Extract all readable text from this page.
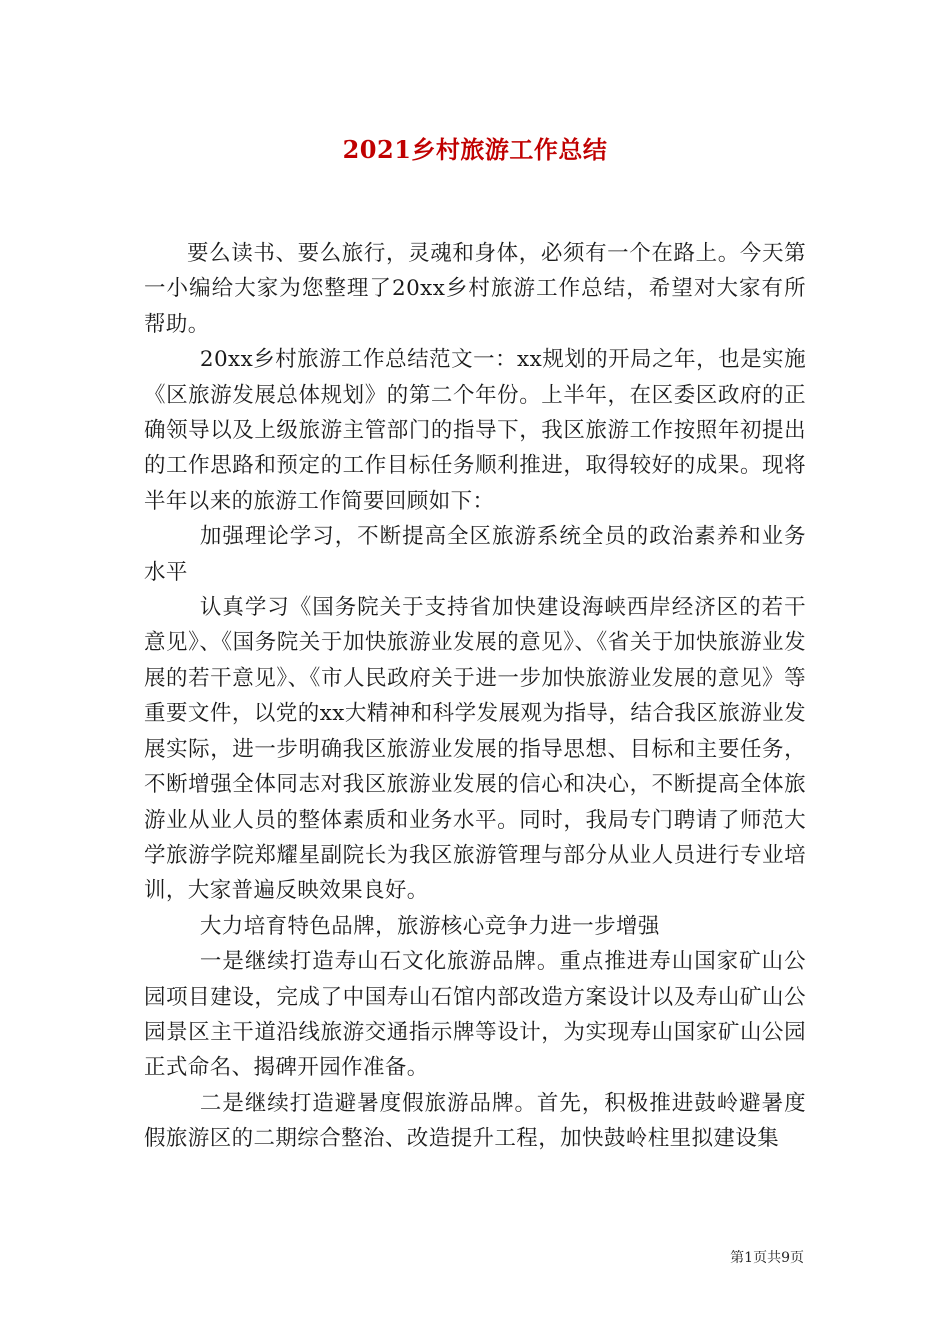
2021乡村旅游工作总结

要么读书、要么旅行，灵魂和身体，必须有一个在路上。今天第一小编给大家为您整理了20xx乡村旅游工作总结，希望对大家有所帮助。

20xx乡村旅游工作总结范文一：xx规划的开局之年，也是实施《区旅游发展总体规划》的第二个年份。上半年，在区委区政府的正确领导以及上级旅游主管部门的指导下，我区旅游工作按照年初提出的工作思路和预定的工作目标任务顺利推进，取得较好的成果。现将半年以来的旅游工作简要回顾如下：

加强理论学习，不断提高全区旅游系统全员的政治素养和业务水平

认真学习《国务院关于支持省加快建设海峡西岸经济区的若干意见》、《国务院关于加快旅游业发展的意见》、《省关于加快旅游业发展的若干意见》、《市人民政府关于进一步加快旅游业发展的意见》等重要文件，以党的xx大精神和科学发展观为指导，结合我区旅游业发展实际，进一步明确我区旅游业发展的指导思想、目标和主要任务，不断增强全体同志对我区旅游业发展的信心和决心，不断提高全体旅游业从业人员的整体素质和业务水平。同时，我局专门聘请了师范大学旅游学院郑耀星副院长为我区旅游管理与部分从业人员进行专业培训，大家普遍反映效果良好。

大力培育特色品牌，旅游核心竞争力进一步增强

一是继续打造寿山石文化旅游品牌。重点推进寿山国家矿山公园项目建设，完成了中国寿山石馆内部改造方案设计以及寿山矿山公园景区主干道沿线旅游交通指示牌等设计，为实现寿山国家矿山公园正式命名、揭碑开园作准备。

二是继续打造避暑度假旅游品牌。首先，积极推进鼓岭避暑度假旅游区的二期综合整治、改造提升工程，加快鼓岭柱里拟建设集

第1页共9页
